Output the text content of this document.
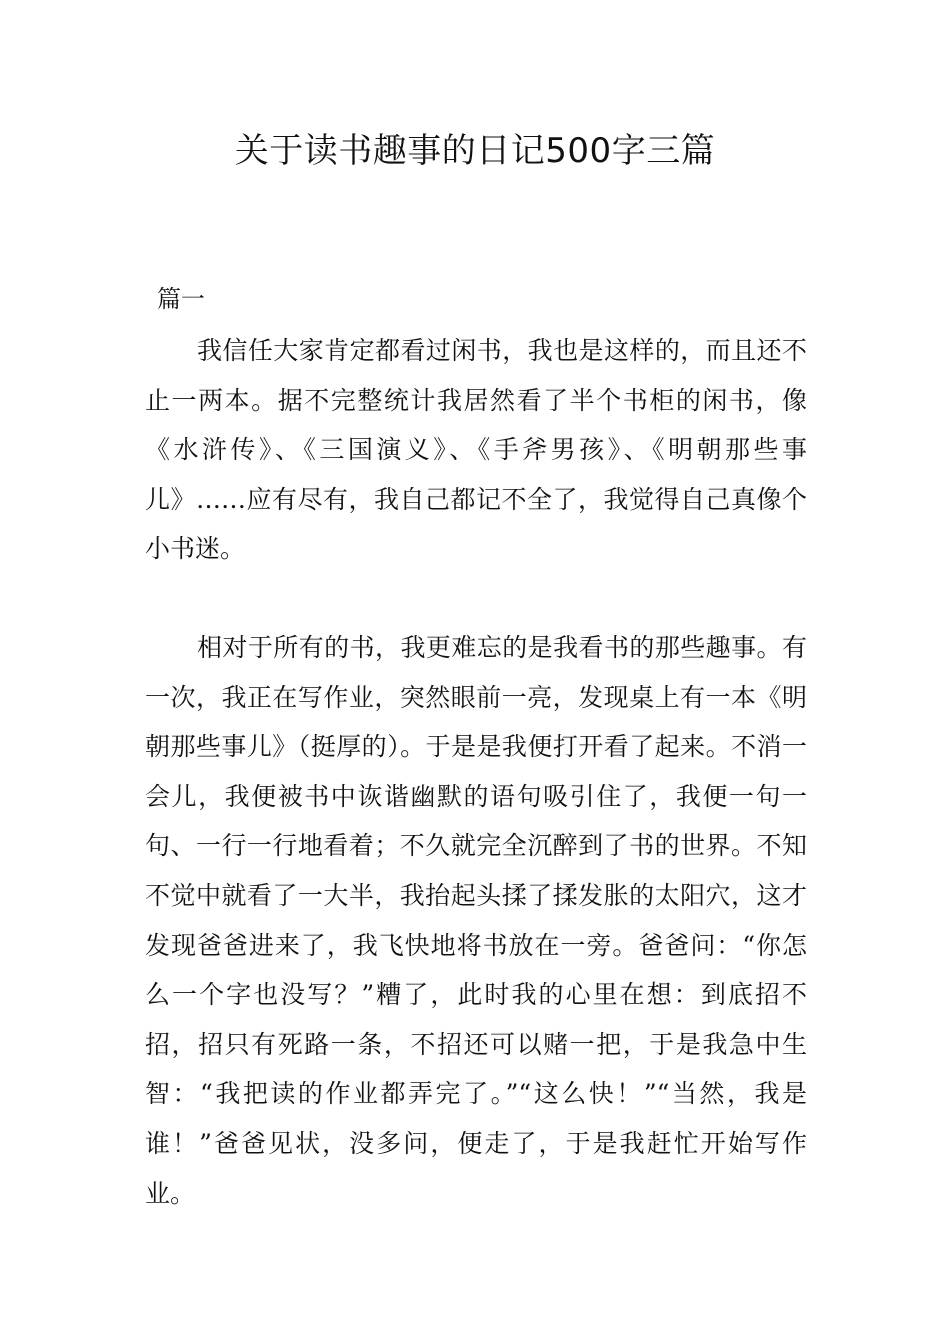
关于读书趣事的日记500字三篇
篇一

我信任大家肯定都看过闲书，我也是这样的，而且还不止一两本。据不完整统计我居然看了半个书柜的闲书，像《水浒传》、《三国演义》、《手斧男孩》、《明朝那些事儿》……应有尽有，我自己都记不全了，我觉得自己真像个小书迷。

相对于所有的书，我更难忘的是我看书的那些趣事。有一次，我正在写作业，突然眼前一亮，发现桌上有一本《明朝那些事儿》（挺厚的）。于是是我便打开看了起来。不消一会儿，我便被书中诙谐幽默的语句吸引住了，我便一句一句、一行一行地看着；不久就完全沉醉到了书的世界。不知不觉中就看了一大半，我抬起头揉了揉发胀的太阳穴，这才发现爸爸进来了，我飞快地将书放在一旁。爸爸问：“你怎么一个字也没写？”糟了，此时我的心里在想：到底招不招，招只有死路一条，不招还可以赌一把，于是我急中生智：“我把读的作业都弄完了。”“这么快！”“当然，我是谁！”爸爸见状，没多问，便走了，于是我赶忙开始写作业。
